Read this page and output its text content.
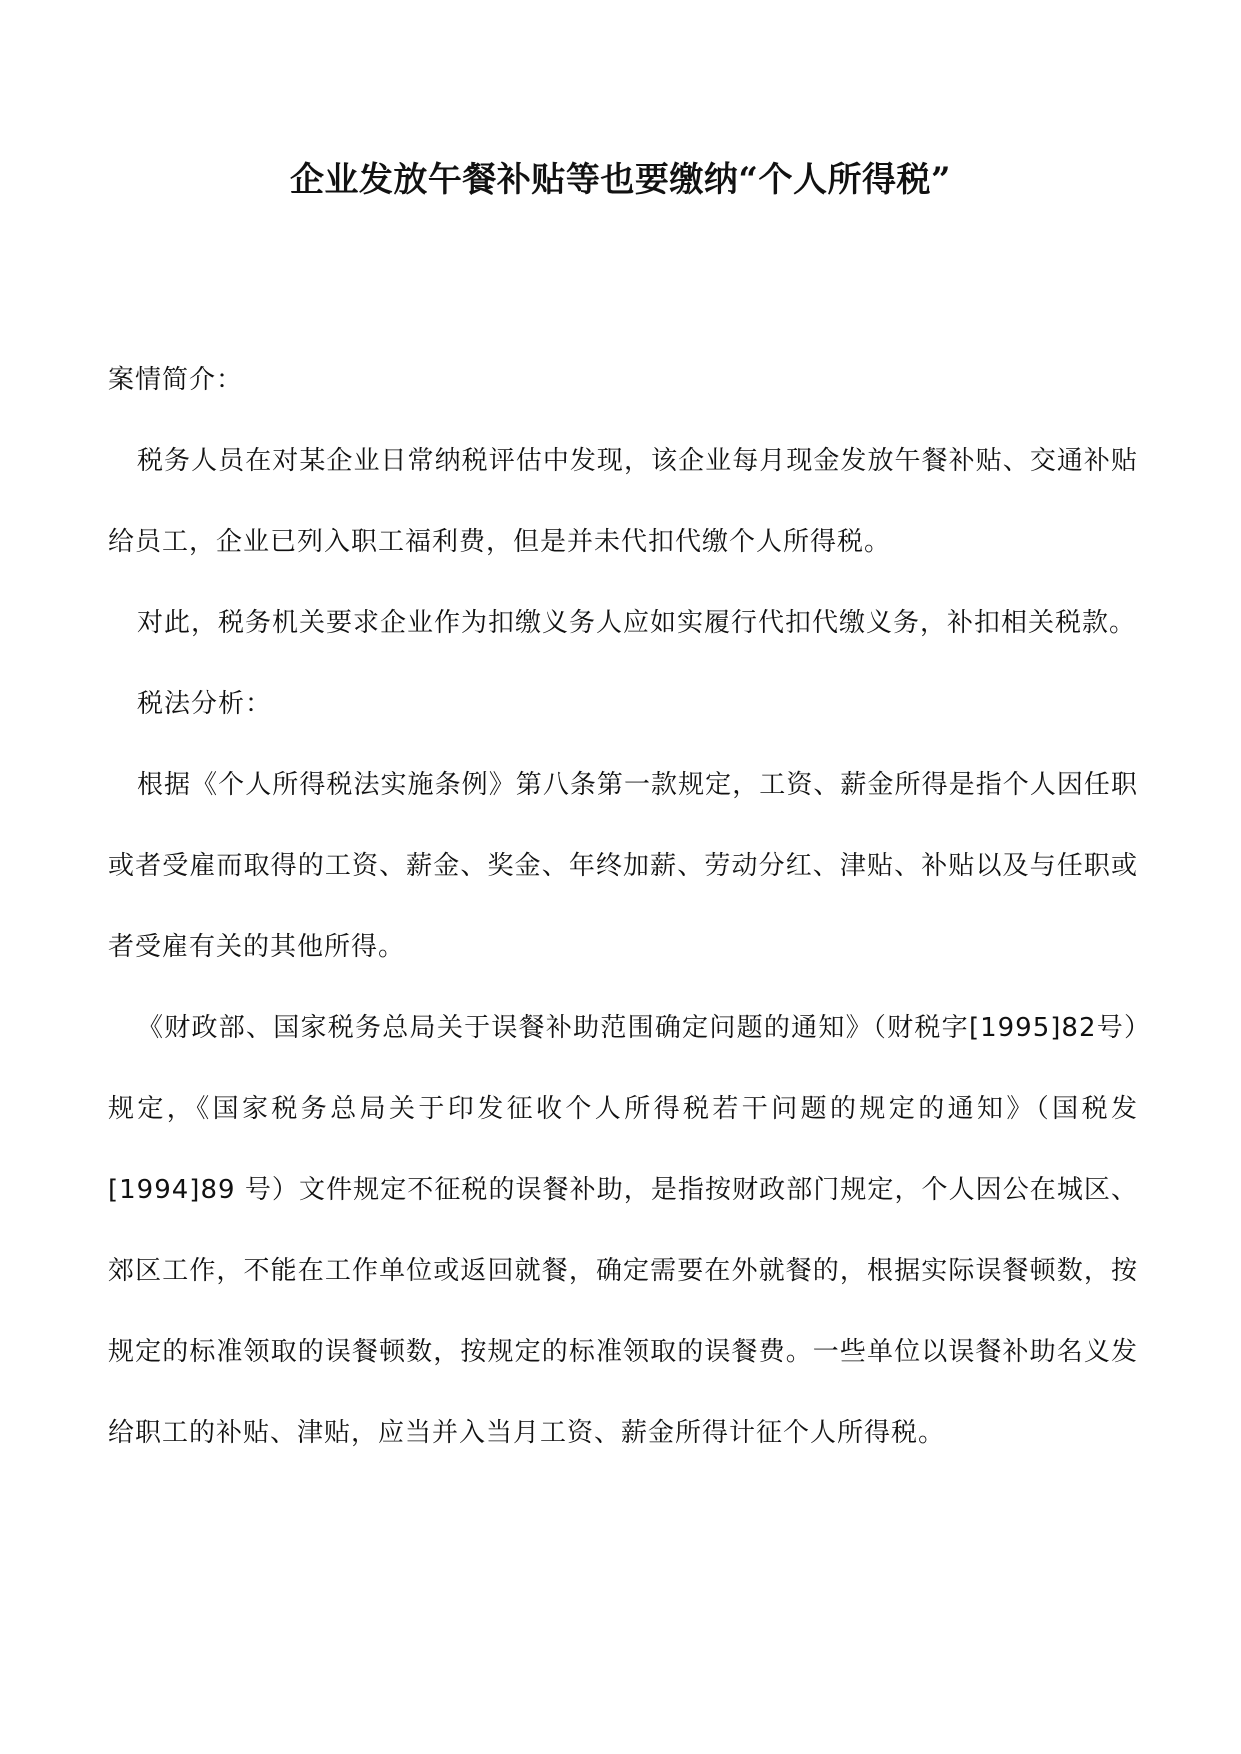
企业发放午餐补贴等也要缴纳“个人所得税”

案情简介：

税务人员在对某企业日常纳税评估中发现，该企业每月现金发放午餐补贴、交通补贴给员工，企业已列入职工福利费，但是并未代扣代缴个人所得税。

对此，税务机关要求企业作为扣缴义务人应如实履行代扣代缴义务，补扣相关税款。

税法分析：

根据《个人所得税法实施条例》第八条第一款规定，工资、薪金所得是指个人因任职或者受雇而取得的工资、薪金、奖金、年终加薪、劳动分红、津贴、补贴以及与任职或者受雇有关的其他所得。

《财政部、国家税务总局关于误餐补助范围确定问题的通知》（财税字[1995]82号）规定，《国家税务总局关于印发征收个人所得税若干问题的规定的通知》（国税发[1994]89 号）文件规定不征税的误餐补助，是指按财政部门规定，个人因公在城区、郊区工作，不能在工作单位或返回就餐，确定需要在外就餐的，根据实际误餐顿数，按规定的标准领取的误餐顿数，按规定的标准领取的误餐费。一些单位以误餐补助名义发给职工的补贴、津贴，应当并入当月工资、薪金所得计征个人所得税。
